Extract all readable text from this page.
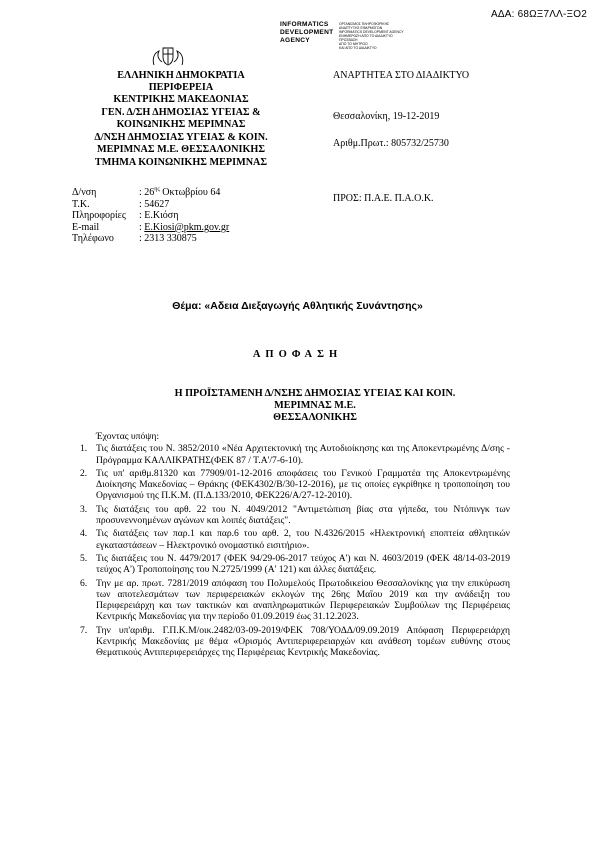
ΑΔΑ: 68ΩΞ7ΛΛ-ΞΟ2
INFORMATICS
DEVELOPMENT
AGENCY
ΟΡΓΑΝΙΣΜΟΣ ΠΛΗΡΟΦΟΡΙΚΗΣ
ΑΝΑΠΤΥΞΗΣ ΕΦΑΡΜΟΓΩΝ
INFORMATICS DEVELOPMENT AGENCY
ΕΝΗΜΕΡΩΣΗ ΑΠΟ ΤΟ ΔΙΑΔΙΚΤΥΟ
ΠΡΟΣΒΑΣΗ
ΑΠΟ ΤΟ ΜΗΤΡΩΟ
ΚΑΙ ΑΠΟ ΤΟ ΔΙΑΔΙΚΤΥΟ
ΕΛΛΗΝΙΚΗ ΔΗΜΟΚΡΑΤΙΑ
ΠΕΡΙΦΕΡΕΙΑ
ΚΕΝΤΡΙΚΗΣ ΜΑΚΕΔΟΝΙΑΣ
ΓΕΝ. Δ/ΣΗ ΔΗΜΟΣΙΑΣ ΥΓΕΙΑΣ &
ΚΟΙΝΩΝΙΚΗΣ ΜΕΡΙΜΝΑΣ
Δ/ΝΣΗ ΔΗΜΟΣΙΑΣ ΥΓΕΙΑΣ & ΚΟΙΝ.
ΜΕΡΙΜΝΑΣ Μ.Ε. ΘΕΣΣΑΛΟΝΙΚΗΣ
ΤΜΗΜΑ ΚΟΙΝΩΝΙΚΗΣ ΜΕΡΙΜΝΑΣ
Δ/νση	: $26^{\eta\varsigma}$ Οκτωβρίου 64
Τ.Κ.	: 54627
Πληροφορίες	: Ε.Κιόση
E-mail	: E.Kiosi@pkm.gov.gr
Τηλέφωνο	: 2313 330875
ΑΝΑΡΤΗΤΕΑ ΣΤΟ ΔΙΑΔΙΚΤΥΟ
Θεσσαλονίκη, 19-12-2019
Αριθμ.Πρωτ.: 805732/25730
ΠΡΟΣ: Π.Α.Ε. Π.Α.Ο.Κ.
Θέμα: «Αδεια Διεξαγωγής Αθλητικής Συνάντησης»
ΑΠΟΦΑΣΗ
Η ΠΡΟΪΣΤΑΜΕΝΗ Δ/ΝΣΗΣ ΔΗΜΟΣΙΑΣ ΥΓΕΙΑΣ ΚΑΙ ΚΟΙΝ. ΜΕΡΙΜΝΑΣ Μ.Ε.
ΘΕΣΣΑΛΟΝΙΚΗΣ
Έχοντας υπόψη:
1. Τις διατάξεις του Ν. 3852/2010 «Νέα Αρχιτεκτονική της Αυτοδιοίκησης και της Αποκεντρωμένης Δ/σης - Πρόγραμμα ΚΑΛΛΙΚΡΑΤΗΣ(ΦΕΚ 87 / Τ.Α'/7-6-10).
2. Τις υπ' αριθμ.81320 και 77909/01-12-2016 αποφάσεις του Γενικού Γραμματέα της Αποκεντρωμένης Διοίκησης Μακεδονίας – Θράκης (ΦΕΚ4302/Β/30-12-2016), με τις οποίες εγκρίθηκε η τροποποίηση του Οργανισμού της Π.Κ.Μ. (Π.Δ.133/2010, ΦΕΚ226/Α/27-12-2010).
3. Τις διατάξεις του αρθ. 22 του Ν. 4049/2012 "Αντιμετώπιση βίας στα γήπεδα, του Ντόπινγκ των προσυνεννοημένων αγώνων και λοιπές διατάξεις".
4. Τις διατάξεις των παρ.1 και παρ.6 του αρθ. 2, του Ν.4326/2015 «Ηλεκτρονική εποπτεία αθλητικών εγκαταστάσεων – Ηλεκτρονικό ονομαστικό εισιτήριο».
5. Τις διατάξεις του Ν. 4479/2017 (ΦΕΚ 94/29-06-2017 τεύχος Α') και Ν. 4603/2019 (ΦΕΚ 48/14-03-2019 τεύχος Α') Τροποποίησης του Ν.2725/1999 (Α' 121) και άλλες διατάξεις.
6. Την με αρ. πρωτ. 7281/2019 απόφαση του Πολυμελούς Πρωτοδικείου Θεσσαλονίκης για την επικύρωση των αποτελεσμάτων των περιφερειακών εκλογών της 26ης Μαΐου 2019 και την ανάδειξη του Περιφερειάρχη και των τακτικών και αναπληρωματικών Περιφερειακών Συμβούλων της Περιφέρειας Κεντρικής Μακεδονίας για την περίοδο 01.09.2019 έως 31.12.2023.
7. Την υπ'αριθμ. Γ.Π.Κ.Μ/οικ.2482/03-09-2019/ΦΕΚ 708/ΥΟΔΔ/09.09.2019 Απόφαση Περιφερειάρχη Κεντρικής Μακεδονίας με θέμα «Ορισμός Αντιπεριφερειαρχών και ανάθεση τομέων ευθύνης στους Θεματικούς Αντιπεριφερειάρχες της Περιφέρειας Κεντρικής Μακεδονίας.
